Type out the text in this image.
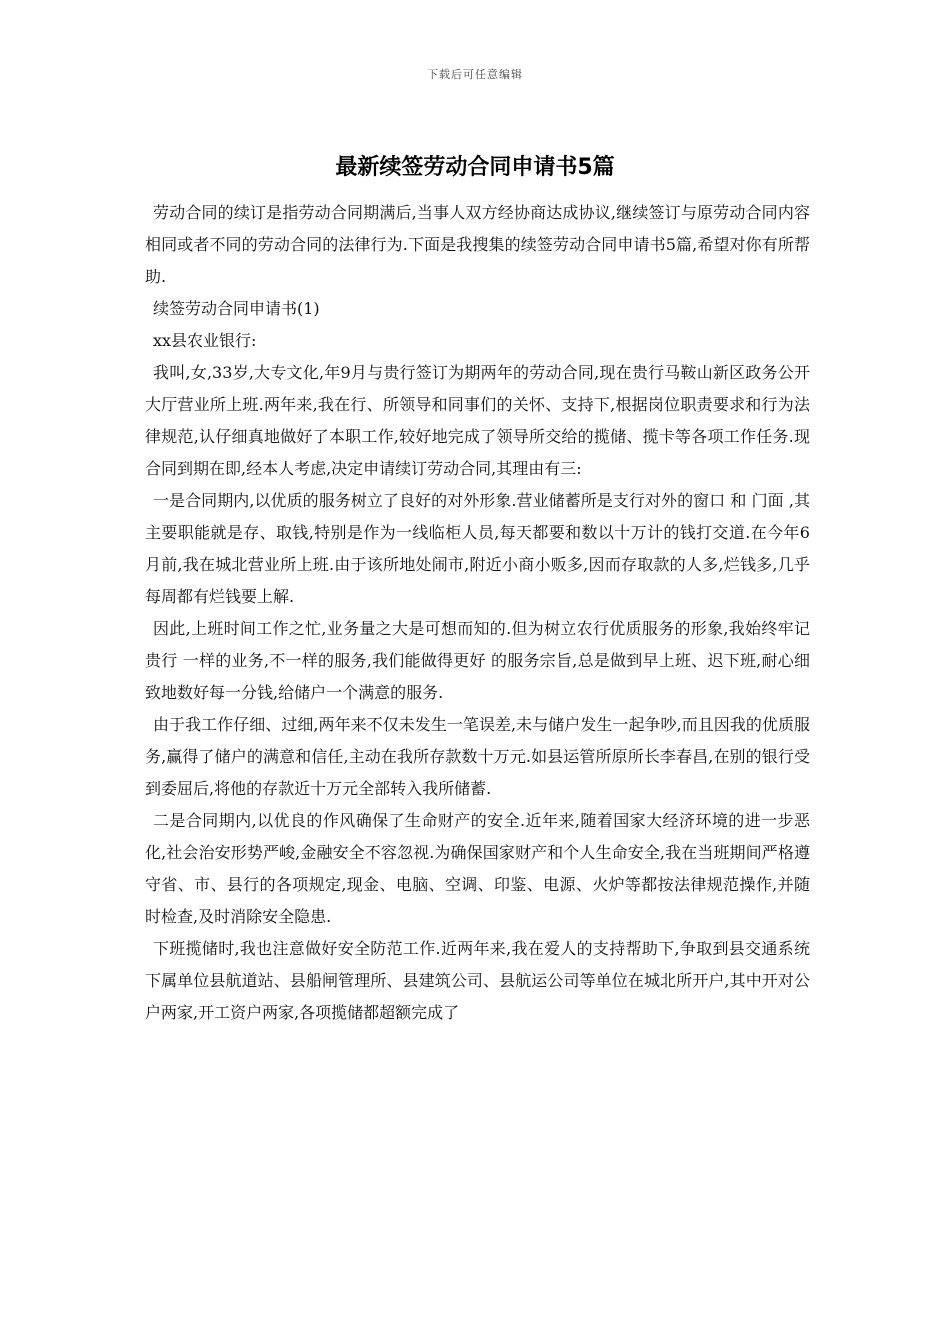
下载后可任意编辑
最新续签劳动合同申请书5篇

劳动合同的续订是指劳动合同期满后,当事人双方经协商达成协议,继续签订与原劳动合同内容相同或者不同的劳动合同的法律行为.下面是我搜集的续签劳动合同申请书5篇,希望对你有所帮助.

续签劳动合同申请书(1)

xx县农业银行:

我叫,女,33岁,大专文化,年9月与贵行签订为期两年的劳动合同,现在贵行马鞍山新区政务公开大厅营业所上班.两年来,我在行、所领导和同事们的关怀、支持下,根据岗位职责要求和行为法律规范,认仔细真地做好了本职工作,较好地完成了领导所交给的揽储、揽卡等各项工作任务.现合同到期在即,经本人考虑,决定申请续订劳动合同,其理由有三:

一是合同期内,以优质的服务树立了良好的对外形象.营业储蓄所是支行对外的窗口 和 门面 ,其主要职能就是存、取钱,特别是作为一线临柜人员,每天都要和数以十万计的钱打交道.在今年6月前,我在城北营业所上班.由于该所地处闹市,附近小商小贩多,因而存取款的人多,烂钱多,几乎每周都有烂钱要上解.

因此,上班时间工作之忙,业务量之大是可想而知的.但为树立农行优质服务的形象,我始终牢记贵行 一样的业务,不一样的服务,我们能做得更好 的服务宗旨,总是做到早上班、迟下班,耐心细致地数好每一分钱,给储户一个满意的服务.

由于我工作仔细、过细,两年来不仅未发生一笔误差,未与储户发生一起争吵,而且因我的优质服务,赢得了储户的满意和信任,主动在我所存款数十万元.如县运管所原所长李春昌,在别的银行受到委屈后,将他的存款近十万元全部转入我所储蓄.

二是合同期内,以优良的作风确保了生命财产的安全.近年来,随着国家大经济环境的进一步恶化,社会治安形势严峻,金融安全不容忽视.为确保国家财产和个人生命安全,我在当班期间严格遵守省、市、县行的各项规定,现金、电脑、空调、印鉴、电源、火炉等都按法律规范操作,并随时检查,及时消除安全隐患.

下班揽储时,我也注意做好安全防范工作.近两年来,我在爱人的支持帮助下,争取到县交通系统下属单位县航道站、县船闸管理所、县建筑公司、县航运公司等单位在城北所开户,其中开对公户两家,开工资户两家,各项揽储都超额完成了
